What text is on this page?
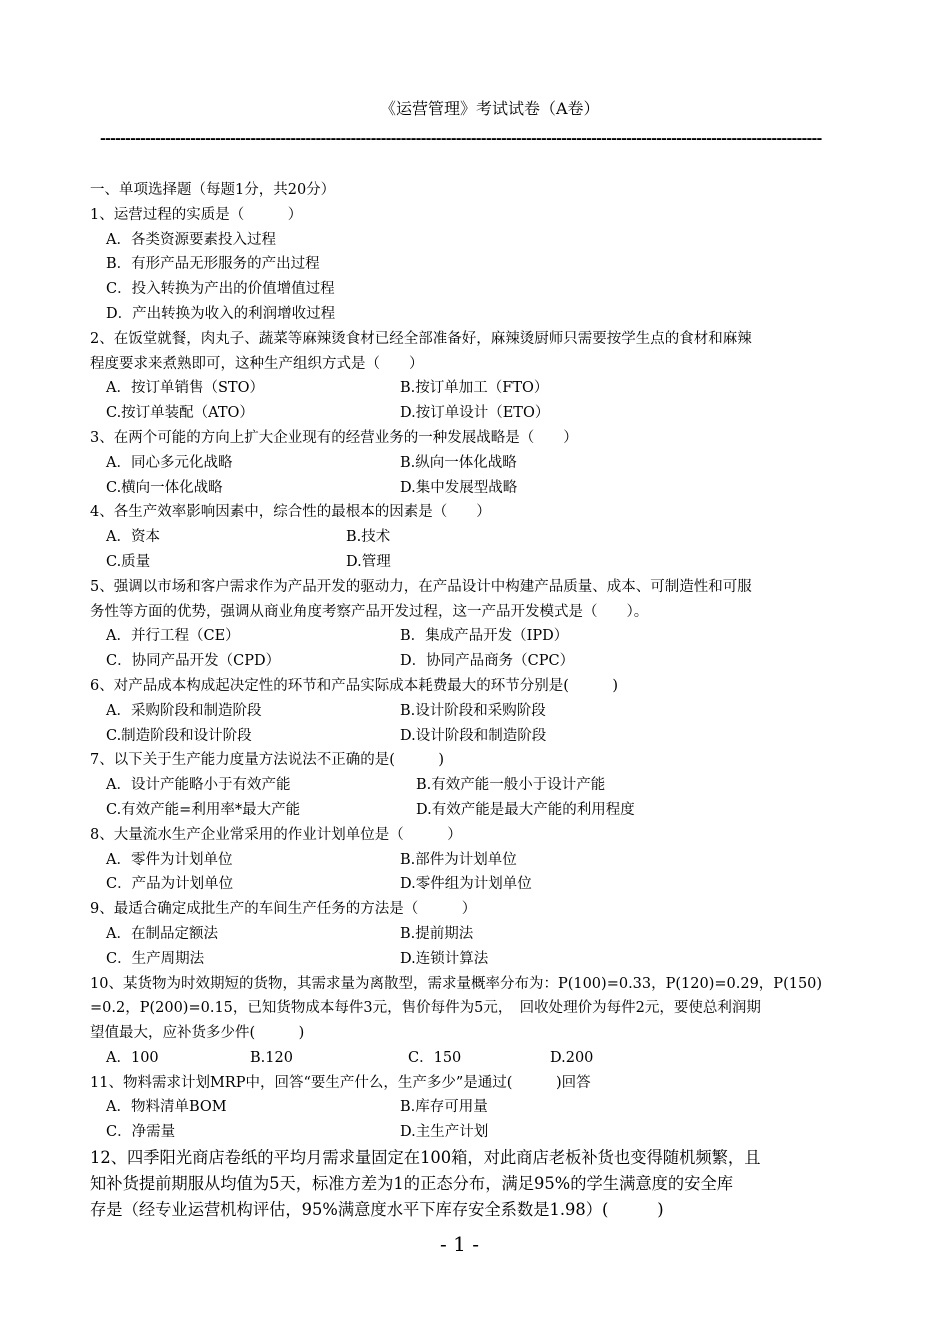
《运营管理》考试试卷（A卷）
------------------------------------------------------------------------------------------------------------------------------------------------
一、单项选择题（每题1分，共20分）
1、运营过程的实质是（　　　）
A．各类资源要素投入过程
B．有形产品无形服务的产出过程
C．投入转换为产出的价值增值过程
D．产出转换为收入的利润增收过程
2、在饭堂就餐，肉丸子、蔬菜等麻辣烫食材已经全部准备好，麻辣烫厨师只需要按学生点的食材和麻辣
程度要求来煮熟即可，这种生产组织方式是（　　）
A．按订单销售（STO）	B.按订单加工（FTO）
C.按订单装配（ATO）	D.按订单设计（ETO）
3、在两个可能的方向上扩大企业现有的经营业务的一种发展战略是（　　）
A．同心多元化战略	B.纵向一体化战略
C.横向一体化战略	D.集中发展型战略
4、各生产效率影响因素中，综合性的最根本的因素是（　　）
A．资本	B.技术
C.质量	D.管理
5、强调以市场和客户需求作为产品开发的驱动力，在产品设计中构建产品质量、成本、可制造性和可服
务性等方面的优势，强调从商业角度考察产品开发过程，这一产品开发模式是（　　）。
A．并行工程（CE）	B．集成产品开发（IPD）
C．协同产品开发（CPD）	D．协同产品商务（CPC）
6、对产品成本构成起决定性的环节和产品实际成本耗费最大的环节分别是(　　　)
A．采购阶段和制造阶段	B.设计阶段和采购阶段
C.制造阶段和设计阶段	D.设计阶段和制造阶段
7、以下关于生产能力度量方法说法不正确的是(　　　)
A．设计产能略小于有效产能	B.有效产能一般小于设计产能
C.有效产能=利用率*最大产能	D.有效产能是最大产能的利用程度
8、大量流水生产企业常采用的作业计划单位是（　　　）
A．零件为计划单位	B.部件为计划单位
C．产品为计划单位	D.零件组为计划单位
9、最适合确定成批生产的车间生产任务的方法是（　　　）
A．在制品定额法	B.提前期法
C．生产周期法	D.连锁计算法
10、某货物为时效期短的货物，其需求量为离散型，需求量概率分布为：P(100)=0.33，P(120)=0.29，P(150)
=0.2，P(200)=0.15，已知货物成本每件3元，售价每件为5元，　回收处理价为每件2元，要使总利润期
望值最大，应补货多少件(　　　)
A．100	B.120	C．150	D.200
11、物料需求计划MRP中，回答“要生产什么，生产多少”是通过(　　　)回答
A．物料清单BOM	B.库存可用量
C．净需量	D.主生产计划
12、四季阳光商店卷纸的平均月需求量固定在100箱，对此商店老板补货也变得随机频繁，且
知补货提前期服从均值为5天，标准方差为1的正态分布，满足95%的学生满意度的安全库
存是（经专业运营机构评估，95%满意度水平下库存安全系数是1.98）(　　　)
- 1 -
